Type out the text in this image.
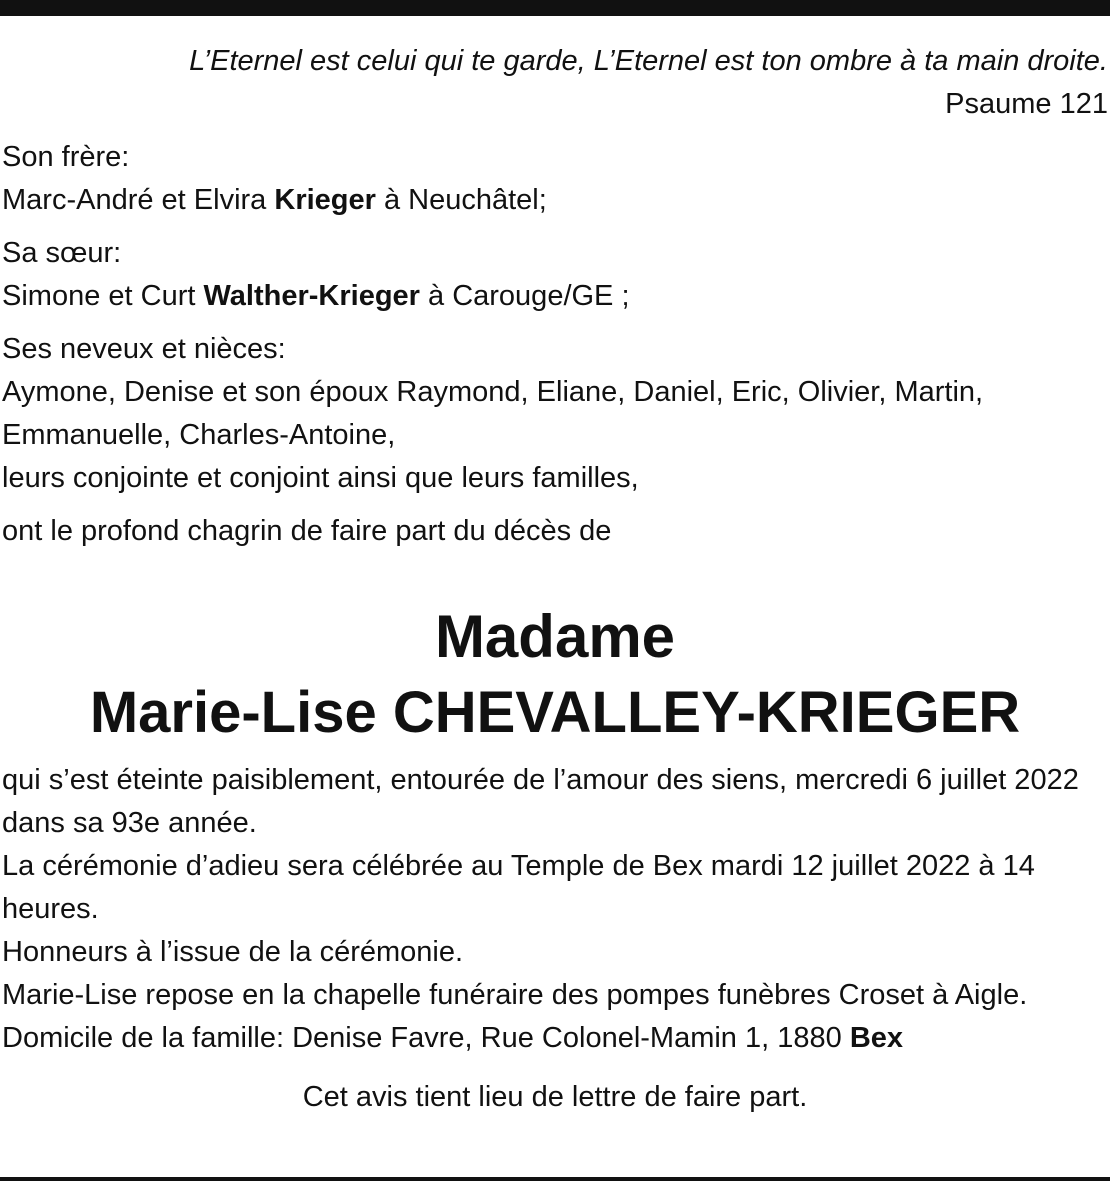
L’Eternel est celui qui te garde, L’Eternel est ton ombre à ta main droite.
Psaume 121
Son frère:
Marc-André et Elvira Krieger à Neuchâtel;
Sa sœur:
Simone et Curt Walther-Krieger à Carouge/GE ;
Ses neveux et nièces:
Aymone, Denise et son époux Raymond, Eliane, Daniel, Eric, Olivier, Martin, Emmanuelle, Charles-Antoine,
leurs conjointe et conjoint ainsi que leurs familles,
ont le profond chagrin de faire part du décès de
Madame
Marie-Lise CHEVALLEY-KRIEGER
qui s’est éteinte paisiblement, entourée de l’amour des siens, mercredi 6 juillet 2022 dans sa 93e année.
La cérémonie d’adieu sera célébrée au Temple de Bex mardi 12 juillet 2022 à 14 heures.
Honneurs à l’issue de la cérémonie.
Marie-Lise repose en la chapelle funéraire des pompes funèbres Croset à Aigle.
Domicile de la famille: Denise Favre, Rue Colonel-Mamin 1, 1880 Bex
Cet avis tient lieu de lettre de faire part.
